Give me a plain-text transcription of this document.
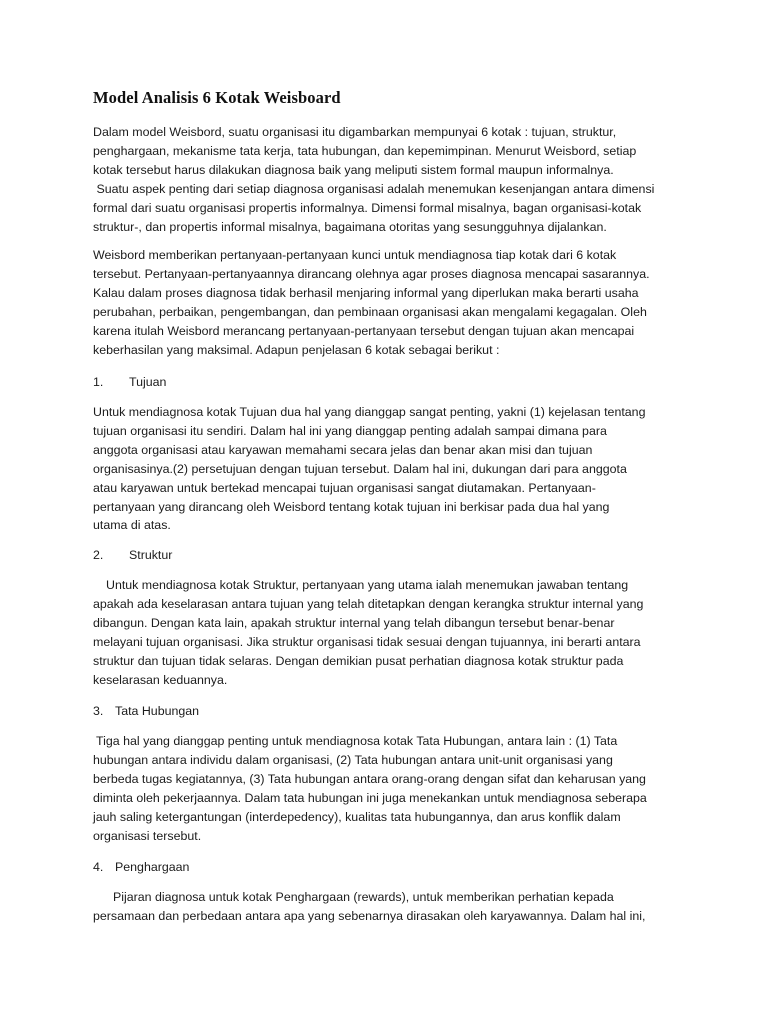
Model Analisis 6 Kotak Weisboard

Dalam model Weisbord, suatu organisasi itu digambarkan mempunyai 6 kotak : tujuan, struktur,
penghargaan, mekanisme tata kerja, tata hubungan, dan kepemimpinan. Menurut Weisbord, setiap
kotak tersebut harus dilakukan diagnosa baik yang meliputi sistem formal maupun informalnya.
Suatu aspek penting dari setiap diagnosa organisasi adalah menemukan kesenjangan antara dimensi
formal dari suatu organisasi propertis informalnya. Dimensi formal misalnya, bagan organisasi-kotak
struktur-, dan propertis informal misalnya, bagaimana otoritas yang sesungguhnya dijalankan.

Weisbord memberikan pertanyaan-pertanyaan kunci untuk mendiagnosa tiap kotak dari 6 kotak
tersebut. Pertanyaan-pertanyaannya dirancang olehnya agar proses diagnosa mencapai sasarannya.
Kalau dalam proses diagnosa tidak berhasil menjaring informal yang diperlukan maka berarti usaha
perubahan, perbaikan, pengembangan, dan pembinaan organisasi akan mengalami kegagalan. Oleh
karena itulah Weisbord merancang pertanyaan-pertanyaan tersebut dengan tujuan akan mencapai
keberhasilan yang maksimal. Adapun penjelasan 6 kotak sebagai berikut :

1. Tujuan

Untuk mendiagnosa kotak Tujuan dua hal yang dianggap sangat penting, yakni (1) kejelasan tentang
tujuan organisasi itu sendiri. Dalam hal ini yang dianggap penting adalah sampai dimana para
anggota organisasi atau karyawan memahami secara jelas dan benar akan misi dan tujuan
organisasinya.(2) persetujuan dengan tujuan tersebut. Dalam hal ini, dukungan dari para anggota
atau karyawan untuk bertekad mencapai tujuan organisasi sangat diutamakan. Pertanyaan-
pertanyaan yang dirancang oleh Weisbord tentang kotak tujuan ini berkisar pada dua hal yang
utama di atas.

2. Struktur

Untuk mendiagnosa kotak Struktur, pertanyaan yang utama ialah menemukan jawaban tentang
apakah ada keselarasan antara tujuan yang telah ditetapkan dengan kerangka struktur internal yang
dibangun. Dengan kata lain, apakah struktur internal yang telah dibangun tersebut benar-benar
melayani tujuan organisasi. Jika struktur organisasi tidak sesuai dengan tujuannya, ini berarti antara
struktur dan tujuan tidak selaras. Dengan demikian pusat perhatian diagnosa kotak struktur pada
keselarasan keduannya.

3. Tata Hubungan

Tiga hal yang dianggap penting untuk mendiagnosa kotak Tata Hubungan, antara lain : (1) Tata
hubungan antara individu dalam organisasi, (2) Tata hubungan antara unit-unit organisasi yang
berbeda tugas kegiatannya, (3) Tata hubungan antara orang-orang dengan sifat dan keharusan yang
diminta oleh pekerjaannya. Dalam tata hubungan ini juga menekankan untuk mendiagnosa seberapa
jauh saling ketergantungan (interdepedency), kualitas tata hubungannya, dan arus konflik dalam
organisasi tersebut.

4. Penghargaan

Pijaran diagnosa untuk kotak Penghargaan (rewards), untuk memberikan perhatian kepada
persamaan dan perbedaan antara apa yang sebenarnya dirasakan oleh karyawannya. Dalam hal ini,
